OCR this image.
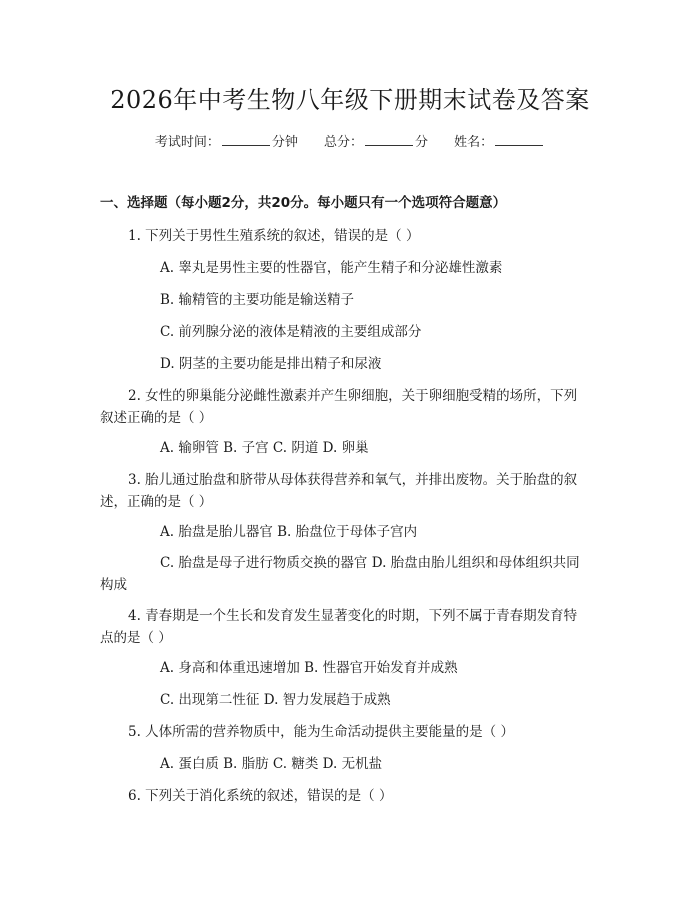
2026年中考生物八年级下册期末试卷及答案
考试时间：	分钟 总分：	分 姓名：
一、选择题（每小题2分，共20分。每小题只有一个选项符合题意）
1. 下列关于男性生殖系统的叙述，错误的是（ ）
A. 睾丸是男性主要的性器官，能产生精子和分泌雄性激素
B. 输精管的主要功能是输送精子
C. 前列腺分泌的液体是精液的主要组成部分
D. 阴茎的主要功能是排出精子和尿液
2. 女性的卵巢能分泌雌性激素并产生卵细胞，关于卵细胞受精的场所，下列
叙述正确的是（ ）
A. 输卵管 B. 子宫 C. 阴道 D. 卵巢
3. 胎儿通过胎盘和脐带从母体获得营养和氧气，并排出废物。关于胎盘的叙
述，正确的是（ ）
A. 胎盘是胎儿器官 B. 胎盘位于母体子宫内
C. 胎盘是母子进行物质交换的器官 D. 胎盘由胎儿组织和母体组织共同
构成
4. 青春期是一个生长和发育发生显著变化的时期，下列不属于青春期发育特
点的是（ ）
A. 身高和体重迅速增加 B. 性器官开始发育并成熟
C. 出现第二性征 D. 智力发展趋于成熟
5. 人体所需的营养物质中，能为生命活动提供主要能量的是（ ）
A. 蛋白质 B. 脂肪 C. 糖类 D. 无机盐
6. 下列关于消化系统的叙述，错误的是（ ）
